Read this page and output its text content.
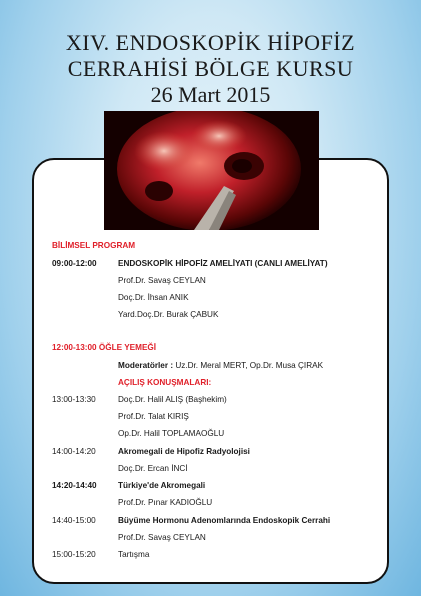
XIV. ENDOSKOPİK HİPOFİZ
CERRAHİSİ BÖLGE KURSU
26 Mart 2015
BİLİMSEL PROGRAM
09:00-12:00	ENDOSKOPİK HİPOFİZ AMELİYATI (CANLI AMELİYAT)
Prof.Dr. Savaş CEYLAN
Doç.Dr. İhsan ANIK
Yard.Doç.Dr. Burak ÇABUK
12:00-13:00 ÖĞLE YEMEĞİ
Moderatörler : Uz.Dr. Meral MERT, Op.Dr. Musa ÇIRAK
AÇILIŞ KONUŞMALARI:
13:00-13:30	Doç.Dr. Halil ALIŞ (Başhekim)
Prof.Dr. Talat KIRIŞ
Op.Dr. Halil TOPLAMAOĞLU
14:00-14:20	Akromegali de Hipofiz Radyolojisi
Doç.Dr. Ercan İNCİ
14:20-14:40	Türkiye'de Akromegali
Prof.Dr. Pınar KADIOĞLU
14:40-15:00	Büyüme Hormonu Adenomlarında Endoskopik Cerrahi
Prof.Dr. Savaş CEYLAN
15:00-15:20	Tartışma
